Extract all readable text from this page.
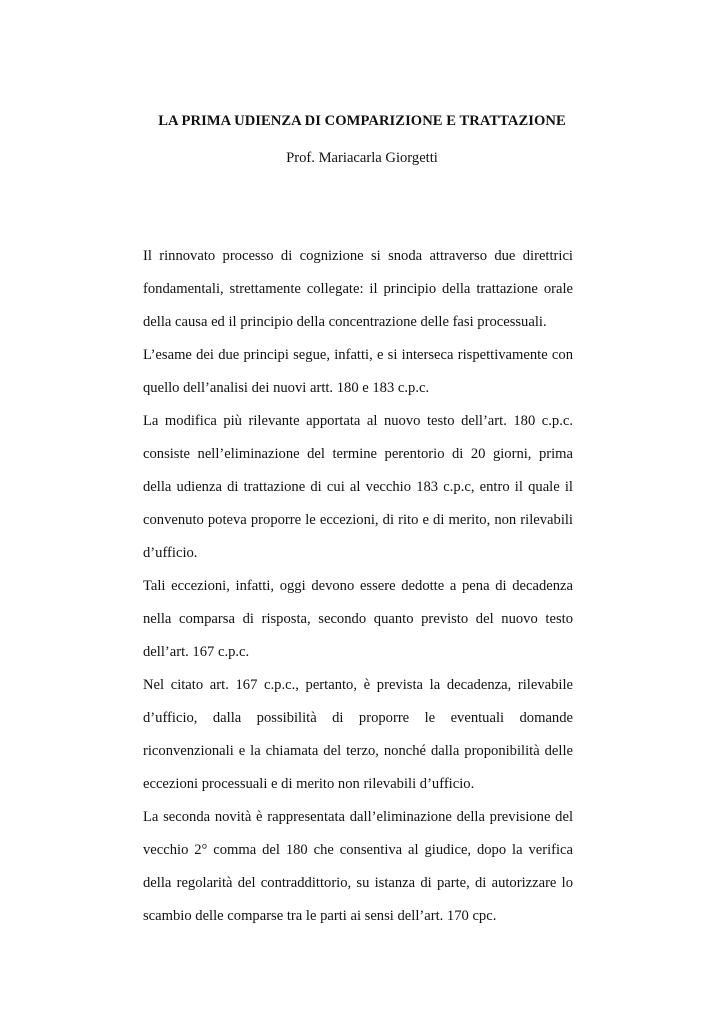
LA PRIMA UDIENZA DI COMPARIZIONE E TRATTAZIONE
Prof. Mariacarla Giorgetti

Il rinnovato processo di cognizione si snoda attraverso due direttrici fondamentali, strettamente collegate: il principio della trattazione orale della causa ed il principio della concentrazione delle fasi processuali.

L’esame dei due principi segue, infatti, e si interseca rispettivamente con quello dell’analisi dei nuovi artt. 180 e 183 c.p.c.

La modifica più rilevante apportata al nuovo testo dell’art. 180 c.p.c. consiste nell’eliminazione del termine perentorio di 20 giorni, prima della udienza di trattazione di cui al vecchio 183 c.p.c, entro il quale il convenuto poteva proporre le eccezioni, di rito e di merito, non rilevabili d’ufficio.

Tali eccezioni, infatti, oggi devono essere dedotte a pena di decadenza nella comparsa di risposta, secondo quanto previsto del nuovo testo dell’art. 167 c.p.c.

Nel citato art. 167 c.p.c., pertanto, è prevista la decadenza, rilevabile d’ufficio, dalla possibilità di proporre le eventuali domande riconvenzionali e la chiamata del terzo, nonché dalla proponibilità delle eccezioni processuali e di merito non rilevabili d’ufficio.

La seconda novità è rappresentata dall’eliminazione della previsione del vecchio 2° comma del 180 che consentiva al giudice, dopo la verifica della regolarità del contraddittorio, su istanza di parte, di autorizzare lo scambio delle comparse tra le parti ai sensi dell’art. 170 cpc.
